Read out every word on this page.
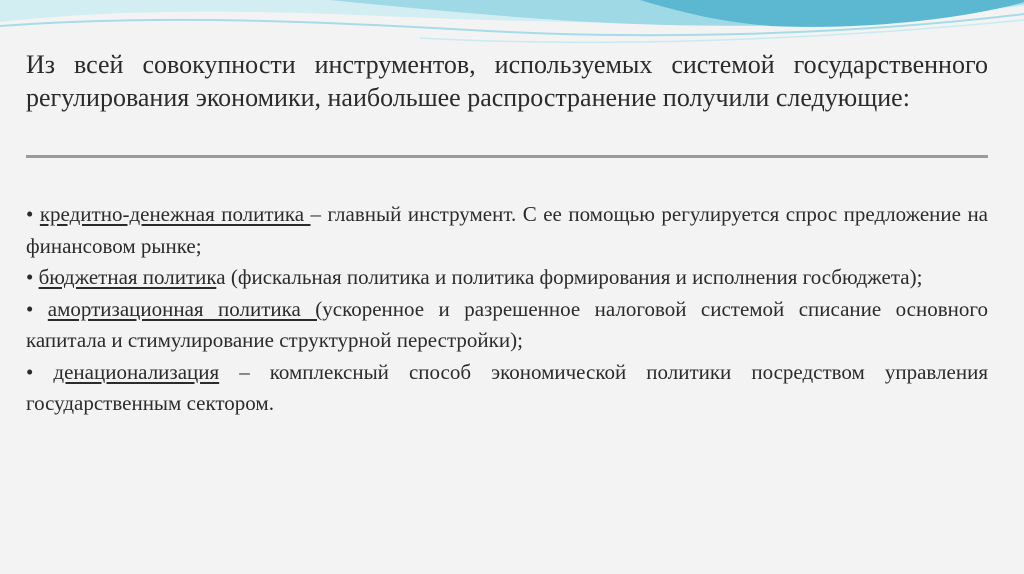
Из всей совокупности инструментов, используемых системой государственного регулирования экономики, наибольшее распространение получили следующие:
• кредитно-денежная политика – главный инструмент. С ее помощью регулируется спрос предложение на финансовом рынке;
• бюджетная политика (фискальная политика и политика формирования и исполнения госбюджета);
• амортизационная политика (ускоренное и разрешенное налоговой системой списание основного капитала и стимулирование структурной перестройки);
• денационализация – комплексный способ экономической политики посредством управления государственным сектором.
